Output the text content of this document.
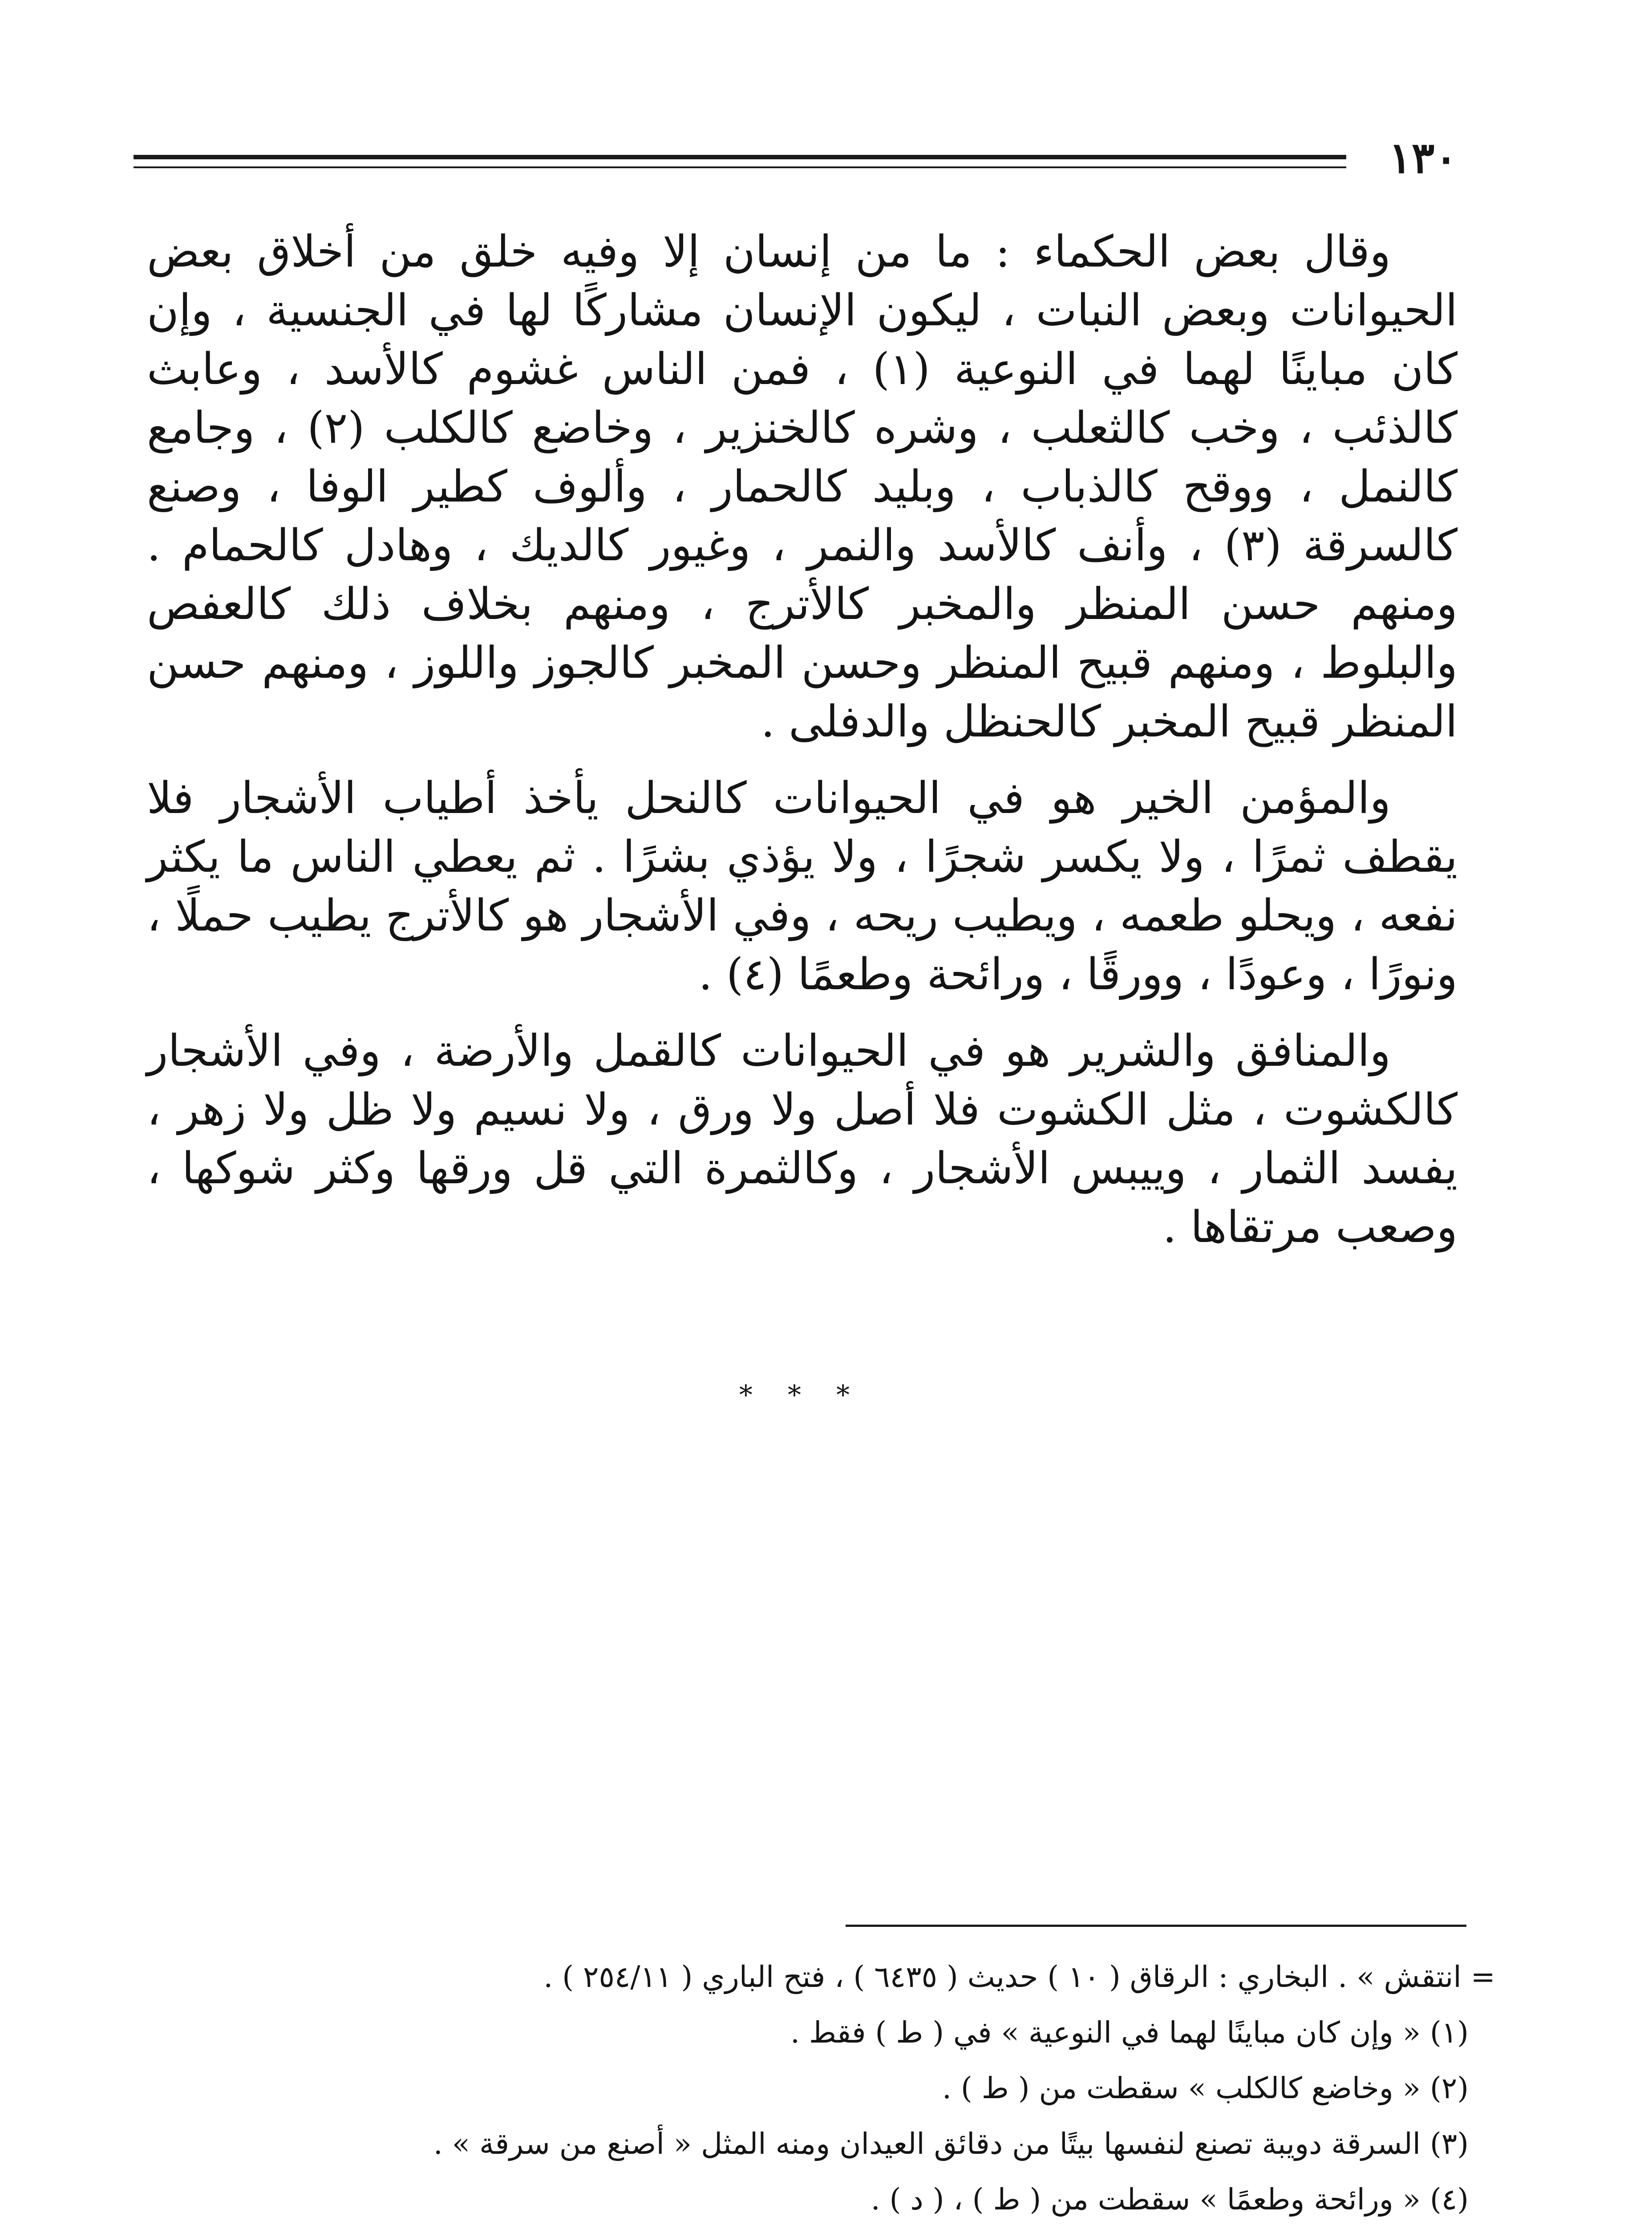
١٣٠

وقال بعض الحكماء : ما من إنسان إلا وفيه خلق من أخلاق بعض الحيوانات وبعض النبات ، ليكون الإنسان مشاركًا لها في الجنسية ، وإن كان مباينًا لهما في النوعية (١) ، فمن الناس غشوم كالأسد ، وعابث كالذئب ، وخب كالثعلب ، وشره كالخنزير ، وخاضع كالكلب (٢) ، وجامع كالنمل ، ووقح كالذباب ، وبليد كالحمار ، وألوف كطير الوفا ، وصنع كالسرقة (٣) ، وأنف كالأسد والنمر ، وغيور كالديك ، وهادل كالحمام . ومنهم حسن المنظر والمخبر كالأترج ، ومنهم بخلاف ذلك كالعفص والبلوط ، ومنهم قبيح المنظر وحسن المخبر كالجوز واللوز ، ومنهم حسن المنظر قبيح المخبر كالحنظل والدفلى .

والمؤمن الخير هو في الحيوانات كالنحل يأخذ أطياب الأشجار فلا يقطف ثمرًا ، ولا يكسر شجرًا ، ولا يؤذي بشرًا . ثم يعطي الناس ما يكثر نفعه ، ويحلو طعمه ، ويطيب ريحه ، وفي الأشجار هو كالأترج يطيب حملًا ، ونورًا ، وعودًا ، وورقًا ، ورائحة وطعمًا (٤) .

والمنافق والشرير هو في الحيوانات كالقمل والأرضة ، وفي الأشجار كالكشوت ، مثل الكشوت فلا أصل ولا ورق ، ولا نسيم ولا ظل ولا زهر ، يفسد الثمار ، وييبس الأشجار ، وكالثمرة التي قل ورقها وكثر شوكها ، وصعب مرتقاها .

* * *
= انتقش » . البخاري : الرقاق ( ١٠ ) حديث ( ٦٤٣٥ ) ، فتح الباري ( ٢٥٤/١١ ) .
(١) « وإن كان مباينًا لهما في النوعية » في ( ط ) فقط .
(٢) « وخاضع كالكلب » سقطت من ( ط ) .
(٣) السرقة دويبة تصنع لنفسها بيتًا من دقائق العيدان ومنه المثل « أصنع من سرقة » .
(٤) « ورائحة وطعمًا » سقطت من ( ط ) ، ( د ) .
